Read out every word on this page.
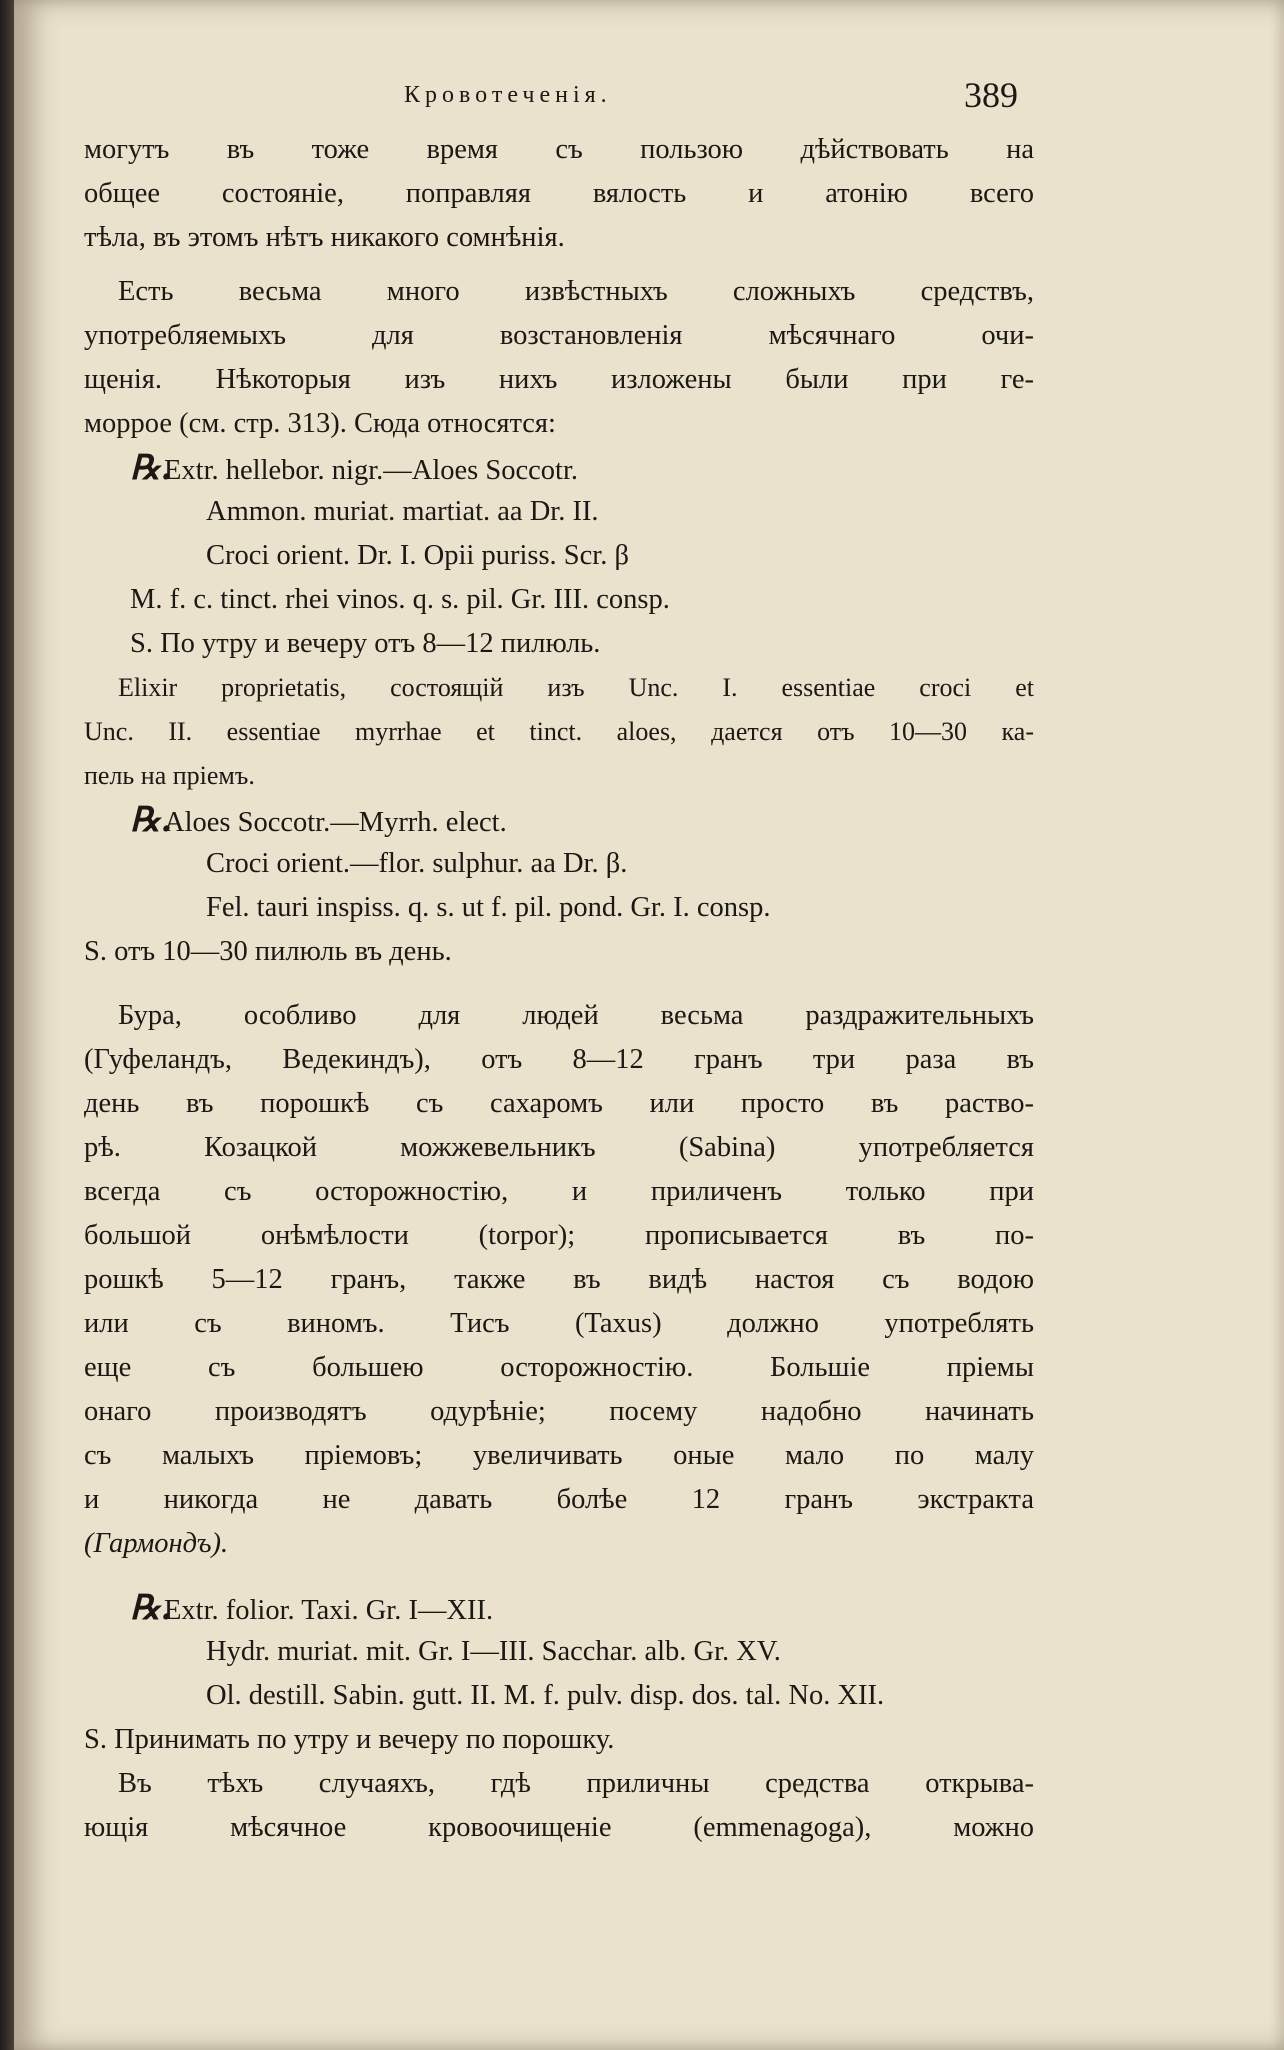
Кровотеченія.	389
могутъ въ тоже время съ пользою дѣйствовать на
общее состояніе, поправляя вялость и атонію всего
тѣла, въ этомъ нѣтъ никакого сомнѣнія.
Есть весьма много извѣстныхъ сложныхъ средствъ,
употребляемыхъ для возстановленія мѣсячнаго очи-
щенія. Нѣкоторыя изъ нихъ изложены были при ге-
моррое (см. стр. 313). Сюда относятся:
℞.Extr. hellebor. nigr.—Aloes Soccotr.
Ammon. muriat. martiat. aa Dr. II.
Croci orient. Dr. I. Opii puriss. Scr. β
M. f. c. tinct. rhei vinos. q. s. pil. Gr. III. consp.
S. По утру и вечеру отъ 8—12 пилюль.
Elixir proprietatis, состоящій изъ Unc. I. essentiae croci et
Unc. II. essentiae myrrhae et tinct. aloes, дается отъ 10—30 ка-
пель на пріемъ.
℞.Aloes Soccotr.—Myrrh. elect.
Croci orient.—flor. sulphur. aa Dr. β.
Fel. tauri inspiss. q. s. ut f. pil. pond. Gr. I. consp.
S. отъ 10—30 пилюль въ день.
Бура, особливо для людей весьма раздражительныхъ
(Гуфеландъ, Ведекиндъ), отъ 8—12 гранъ три раза въ
день въ порошкѣ съ сахаромъ или просто въ раство-
рѣ. Козацкой можжевельникъ (Sabina) употребляется
всегда съ осторожностію, и приличенъ только при
большой онѣмѣлости (torpor); прописывается въ по-
рошкѣ 5—12 гранъ, также въ видѣ настоя съ водою
или съ виномъ. Тисъ (Taxus) должно употреблять
еще съ большею осторожностію. Большіе пріемы
онаго производятъ одурѣніе; посему надобно начинать
съ малыхъ пріемовъ; увеличивать оные мало по малу
и никогда не давать болѣе 12 гранъ экстракта
(Гармондъ).
℞.Extr. folior. Taxi. Gr. I—XII.
Hydr. muriat. mit. Gr. I—III. Sacchar. alb. Gr. XV.
Ol. destill. Sabin. gutt. II. M. f. pulv. disp. dos. tal. No. XII.
S. Принимать по утру и вечеру по порошку.
Въ тѣхъ случаяхъ, гдѣ приличны средства открыва-
ющія мѣсячное кровоочищеніе (emmenagoga), можно
